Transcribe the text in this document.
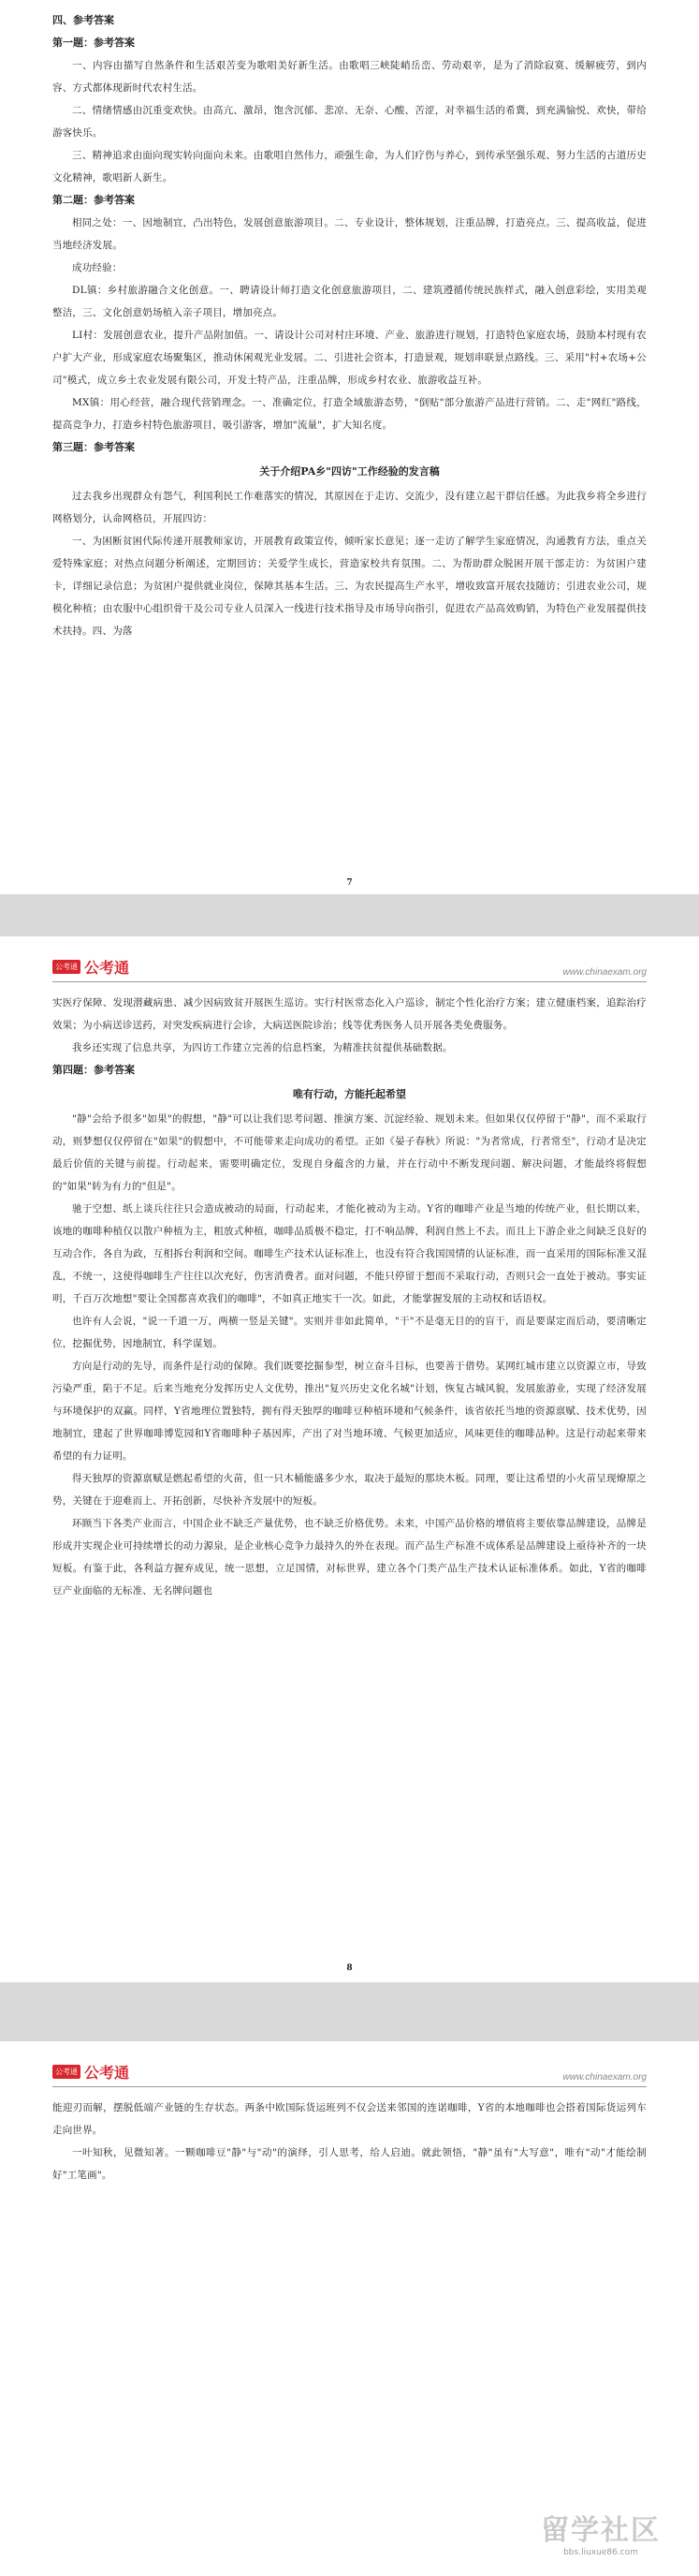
四、参考答案
第一题：参考答案

一、内容由描写自然条件和生活艰苦变为歌唱美好新生活。由歌唱三峡陡峭岳峦、劳动艰辛，是为了消除寂寞、缓解疲劳，到内容、方式都体现新时代农村生活。

二、情绪情感由沉重变欢快。由高亢、激昂，饱含沉郁、悲凉、无奈、心酸、苦涩，对幸福生活的希冀，到充满愉悦、欢快，带给游客快乐。

三、精神追求由面向现实转向面向未来。由歌唱自然伟力，顽强生命，为人们疗伤与养心，到传承坚强乐观、努力生活的古道历史文化精神，歌唱新人新生。

第二题：参考答案

相同之处：一、因地制宜，凸出特色，发展创意旅游项目。二、专业设计，整体规划，注重品牌，打造亮点。三、提高收益，促进当地经济发展。

成功经验：

DL镇：乡村旅游融合文化创意。一、聘请设计师打造文化创意旅游项目，二、建筑遵循传统民族样式，融入创意彩绘，实用美观整洁，三、文化创意奶场植入亲子项目，增加亮点。

LI村：发展创意农业，提升产品附加值。一、请设计公司对村庄环境、产业、旅游进行规划，打造特色家庭农场，鼓励本村现有农户扩大产业，形成家庭农场聚集区，推动休闲观光业发展。二、引进社会资本，打造景观，规划串联景点路线。三、采用"村+农场+公司"模式，成立乡土农业发展有限公司，开发土特产品，注重品牌，形成乡村农业、旅游收益互补。

MX镇：用心经营，融合现代营销理念。一、准确定位，打造全域旅游态势，"倒贴"部分旅游产品进行营销。二、走"网红"路线，提高竞争力，打造乡村特色旅游项目，吸引游客，增加"流量"，扩大知名度。

第三题：参考答案
关于介绍PA乡"四访"工作经验的发言稿

过去我乡出现群众有怨气，利国利民工作难落实的情况，其原因在于走访、交流少，没有建立起干群信任感。为此我乡将全乡进行网格划分，认命网格员，开展四访：

一、为困断贫困代际传递开展教师家访，开展教育政策宣传，倾听家长意见；逐一走访了解学生家庭情况，沟通教育方法，重点关爱特殊家庭；对热点问题分析阐述，定期回访；关爱学生成长，营造家校共育氛围。二、为帮助群众脱困开展干部走访：为贫困户建卡，详细记录信息；为贫困户提供就业岗位，保障其基本生活。三、为农民提高生产水平，增收致富开展农技随访；引进农业公司，规模化种植；由农服中心组织骨干及公司专业人员深入一线进行技术指导及市场导向指引，促进农产品高效购销，为特色产业发展提供技术扶持。四、为落

7
公考通 公考通	www.chinaexam.org

实医疗保障、发现潜藏病患、减少因病致贫开展医生巡访。实行村医常态化入户巡诊，制定个性化治疗方案；建立健康档案，追踪治疗效果；为小病送诊送药，对突发疾病进行会诊，大病送医院诊治；线等优秀医务人员开展各类免费服务。

我乡还实现了信息共享，为四访工作建立完善的信息档案，为精准扶贫提供基础数据。

第四题：参考答案
唯有行动，方能托起希望

"静"会给予很多"如果"的假想，"静"可以让我们思考问题、推演方案、沉淀经验、规划未来。但如果仅仅停留于"静"，而不采取行动，则梦想仅仅停留在"如果"的假想中，不可能带来走向成功的希望。正如《晏子春秋》所说："为者常成，行者常至"，行动才是决定最后价值的关键与前提。行动起来，需要明确定位，发现自身蕴含的力量，并在行动中不断发现问题、解决问题，才能最终将假想的"如果"转为有力的"但是"。

驰于空想、纸上谈兵往往只会造成被动的局面，行动起来，才能化被动为主动。Y省的咖啡产业是当地的传统产业，但长期以来，该地的咖啡种植仅以散户种植为主，粗放式种植，咖啡品质极不稳定，打不响品牌，利润自然上不去。而且上下游企业之间缺乏良好的互动合作，各自为政，互相拆台利润和空间。咖啡生产技术认证标准上，也没有符合我国国情的认证标准，而一直采用的国际标准又混乱，不统一，这使得咖啡生产往往以次充好，伤害消费者。面对问题，不能只停留于想而不采取行动，否则只会一直处于被动。事实证明，千百万次地想"要让全国都喜欢我们的咖啡"，不如真正地实干一次。如此，才能掌握发展的主动权和话语权。

也许有人会说，"说一千道一万，两横一竖是关键"。实则并非如此简单，"干"不是毫无目的的盲干，而是要谋定而后动，要清晰定位，挖掘优势，因地制宜，科学谋划。

方向是行动的先导，而条件是行动的保障。我们既要挖掘参型，树立奋斗目标，也要善于借势。某网红城市建立以资源立市，导致污染严重，陷于不足。后来当地充分发挥历史人文优势，推出"复兴历史文化名城"计划，恢复古城风貌，发展旅游业，实现了经济发展与环境保护的双赢。同样，Y省地理位置独特，拥有得天独厚的咖啡豆种植环境和气候条件，该省依托当地的资源禀赋、技术优势，因地制宜，建起了世界咖啡博览园和Y省咖啡种子基因库，产出了对当地环境、气候更加适应，风味更佳的咖啡品种。这是行动起来带来希望的有力证明。

得天独厚的资源禀赋是燃起希望的火苗，但一只木桶能盛多少水，取决于最短的那块木板。同理，要让这希望的小火苗呈现燎原之势，关键在于迎难而上、开拓创新，尽快补齐发展中的短板。

环顾当下各类产业而言，中国企业不缺乏产量优势，也不缺乏价格优势。未来，中国产品价格的增值将主要依靠品牌建设，品牌是形成并实现企业可持续增长的动力源泉，是企业核心竞争力最持久的外在表现。而产品生产标准不成体系是品牌建设上亟待补齐的一块短板。有鉴于此，各利益方握弃成见，统一思想，立足国情，对标世界，建立各个门类产品生产技术认证标准体系。如此，Y省的咖啡豆产业面临的无标准、无名牌问题也

8
公考通 公考通	www.chinaexam.org

能迎刃而解，摆脱低端产业链的生存状态。两条中欧国际货运班列不仅会送来邻国的连诺咖啡，Y省的本地咖啡也会搭着国际货运列车走向世界。

一叶知秋，见微知著。一颗咖啡豆"静"与"动"的演绎，引人思考，给人启迪。就此领悟，"静"虽有"大写意"，唯有"动"才能绘制好"工笔画"。

留学社区
bbs.liuxue86.com
